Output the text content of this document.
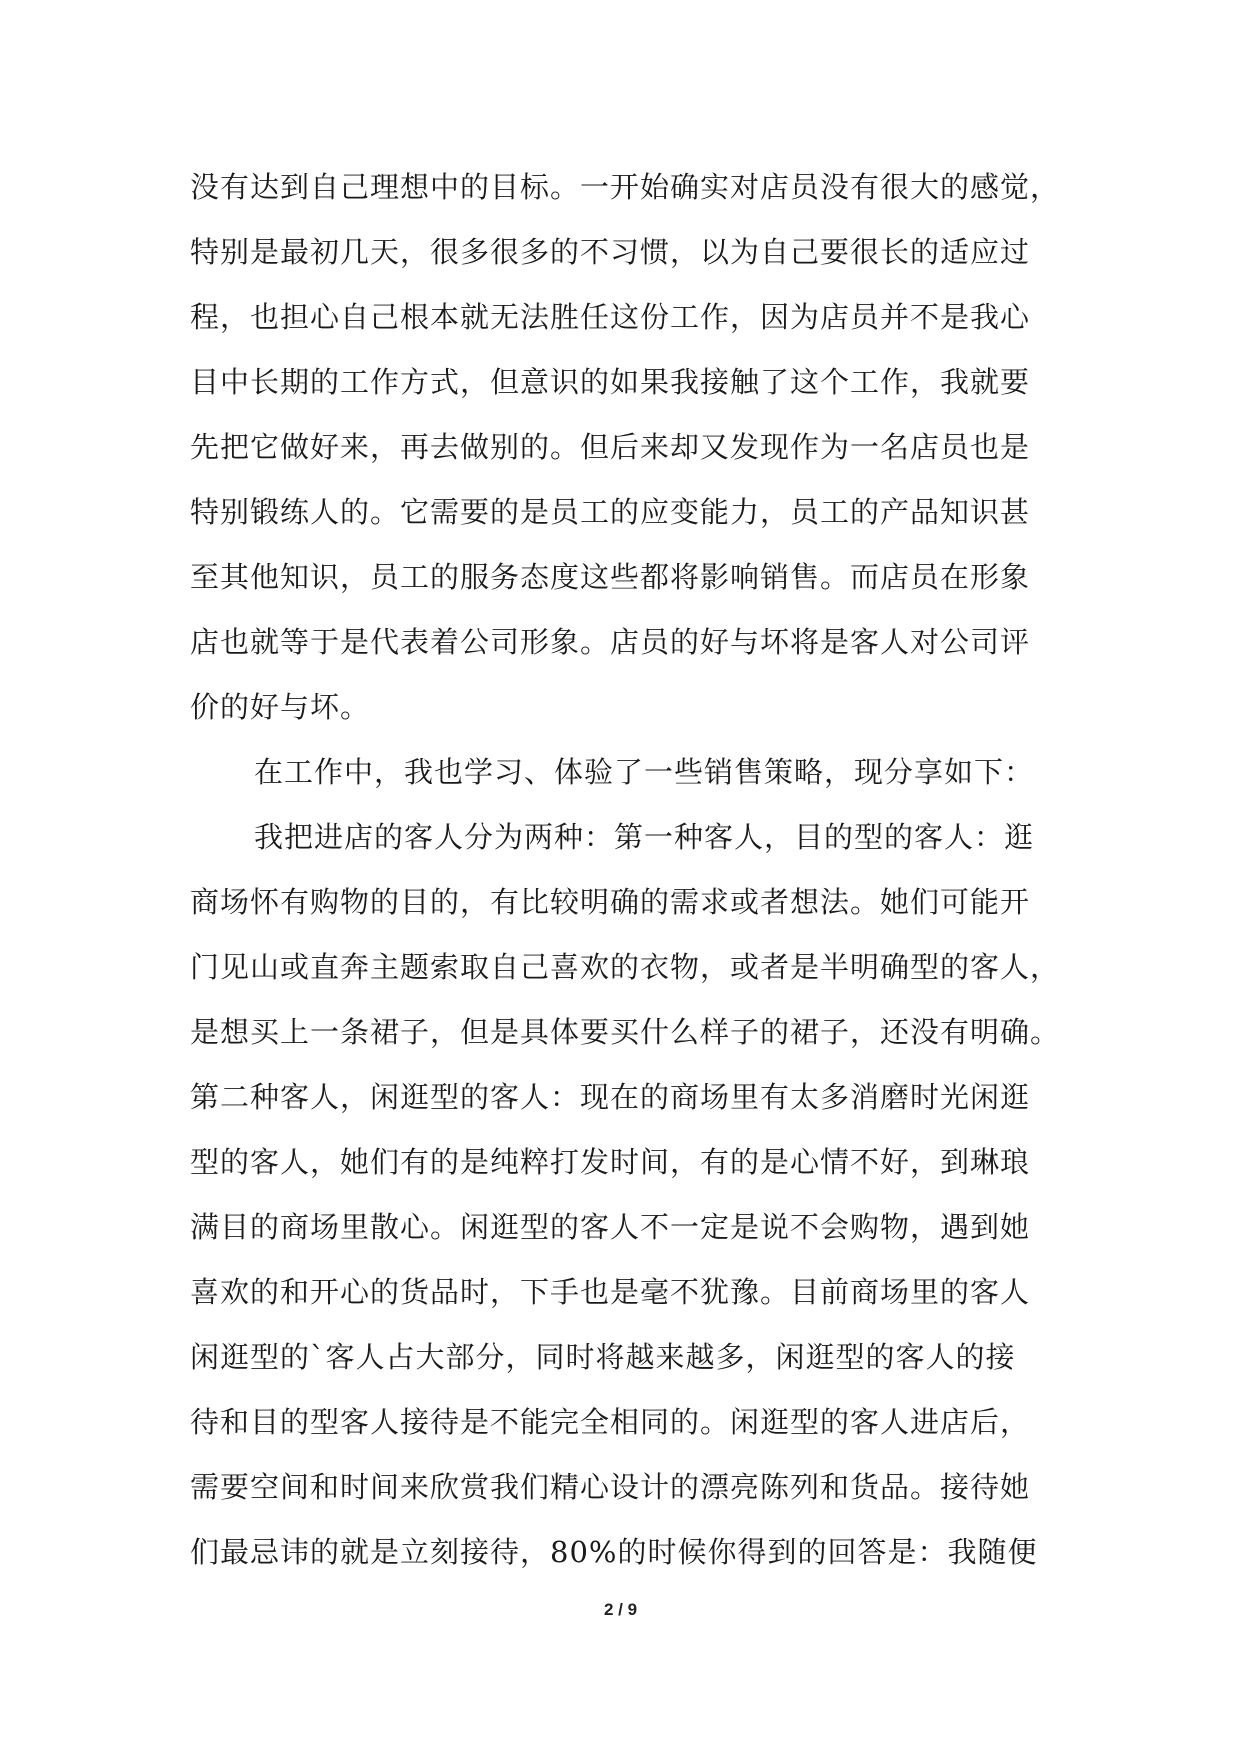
没有达到自己理想中的目标。一开始确实对店员没有很大的感觉，
特别是最初几天，很多很多的不习惯，以为自己要很长的适应过
程，也担心自己根本就无法胜任这份工作，因为店员并不是我心
目中长期的工作方式，但意识的如果我接触了这个工作，我就要
先把它做好来，再去做别的。但后来却又发现作为一名店员也是
特别锻练人的。它需要的是员工的应变能力，员工的产品知识甚
至其他知识，员工的服务态度这些都将影响销售。而店员在形象
店也就等于是代表着公司形象。店员的好与坏将是客人对公司评
价的好与坏。
在工作中，我也学习、体验了一些销售策略，现分享如下：
我把进店的客人分为两种：第一种客人，目的型的客人：逛
商场怀有购物的目的，有比较明确的需求或者想法。她们可能开
门见山或直奔主题索取自己喜欢的衣物，或者是半明确型的客人，
是想买上一条裙子，但是具体要买什么样子的裙子，还没有明确。
第二种客人，闲逛型的客人：现在的商场里有太多消磨时光闲逛
型的客人，她们有的是纯粹打发时间，有的是心情不好，到琳琅
满目的商场里散心。闲逛型的客人不一定是说不会购物，遇到她
喜欢的和开心的货品时，下手也是毫不犹豫。目前商场里的客人
闲逛型的`客人占大部分，同时将越来越多，闲逛型的客人的接
待和目的型客人接待是不能完全相同的。闲逛型的客人进店后，
需要空间和时间来欣赏我们精心设计的漂亮陈列和货品。接待她
们最忌讳的就是立刻接待，80%的时候你得到的回答是：我随便
2 / 9
